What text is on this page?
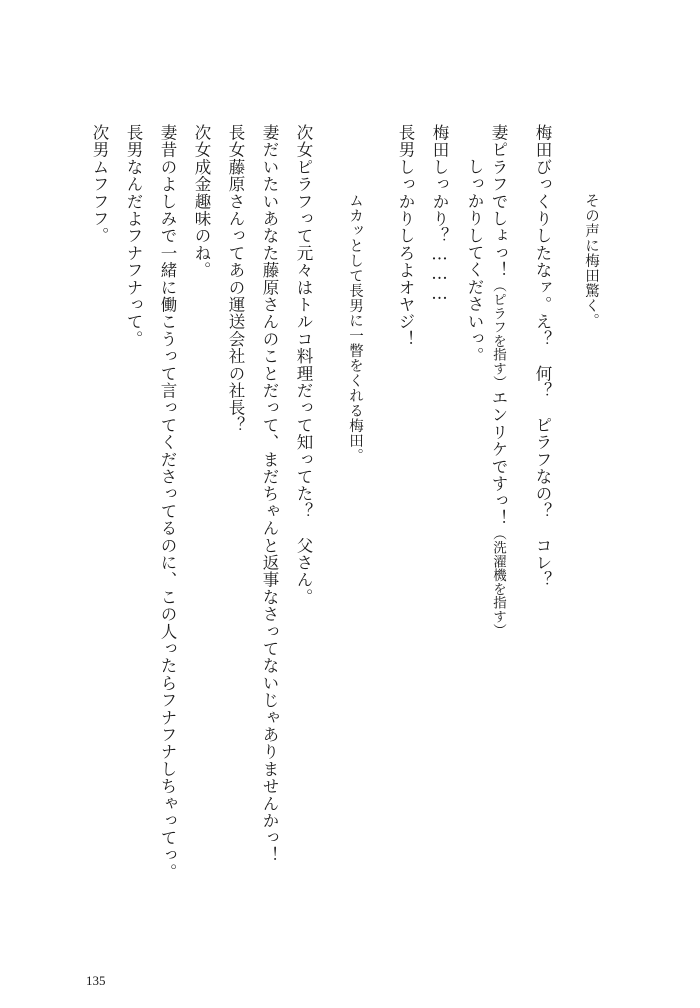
その声に梅田驚く。
梅田びっくりしたなァ。え？　何？　ピラフなの？　コレ？
妻ピラフでしょっ！（ピラフを指す）エンリケですっ！（洗濯機を指す）
しっかりしてくださいっ。
梅田しっかり？………
長男しっかりしろよオヤジ！
ムカッとして長男に一瞥をくれる梅田。
次女ピラフって元々はトルコ料理だって知ってた？　父さん。
妻だいたいあなた藤原さんのことだって、まだちゃんと返事なさってないじゃありませんかっ！
長女藤原さんってあの運送会社の社長？
次女成金趣味のね。
妻昔のよしみで一緒に働こうって言ってくださってるのに、この人ったらフナフナしちゃってっ。
長男なんだよフナフナって。
次男ムフフフ。
135
